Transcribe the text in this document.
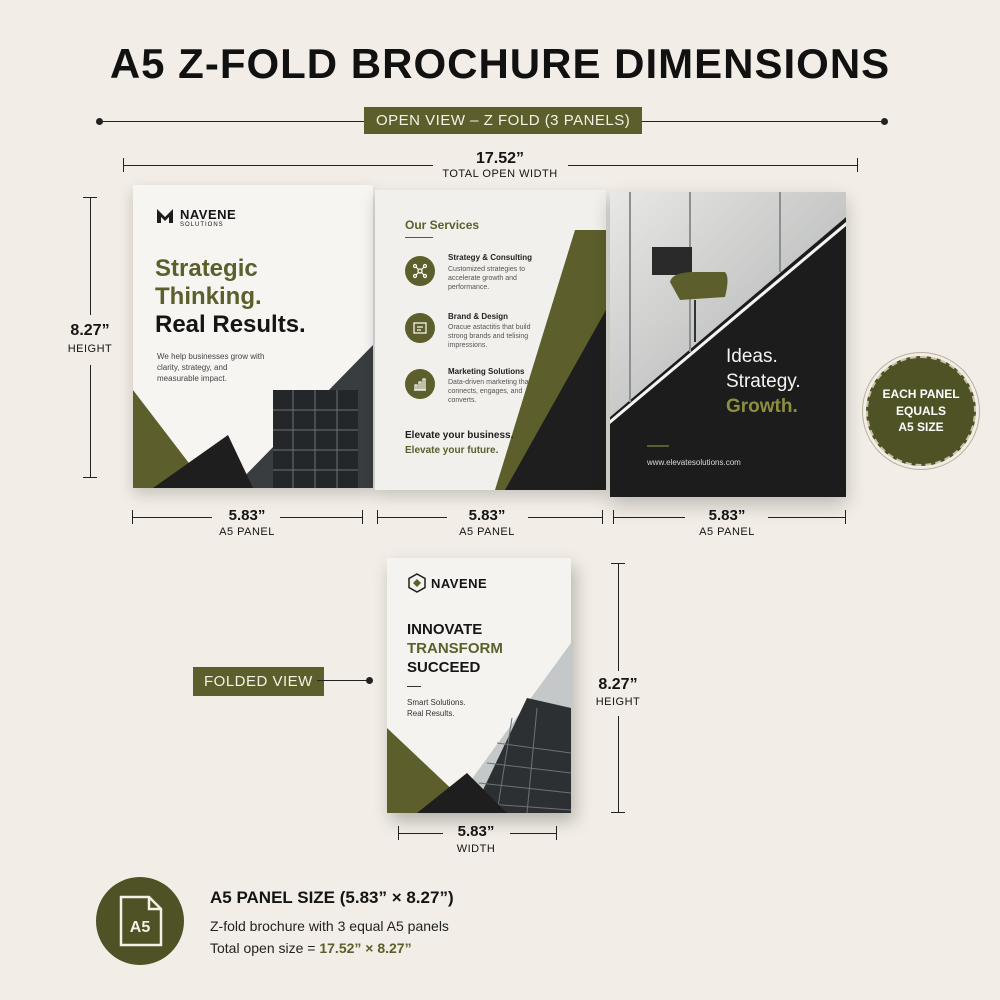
A5 Z-FOLD BROCHURE DIMENSIONS
OPEN VIEW – Z FOLD (3 PANELS)
17.52”
TOTAL OPEN WIDTH
8.27”
HEIGHT
NAVENE
SOLUTIONS
Strategic
Thinking.
Real Results.
We help businesses grow with clarity, strategy, and measurable impact.
Our Services
Strategy & Consulting
Customized strategies to accelerate growth and performance.
Brand & Design
Oracue astactitis that build strong brands and telising impressions.
Marketing Solutions
Data-driven marketing that connects, engages, and converts.
Elevate your business.
Elevate your future.
Ideas.
Strategy.
Growth.
www.elevatesolutions.com
EACH PANEL
EQUALS
A5 SIZE
5.83”
A5 PANEL
5.83”
A5 PANEL
5.83”
A5 PANEL
FOLDED VIEW
NAVENE
INNOVATE
TRANSFORM
SUCCEED
Smart Solutions.
Real Results.
8.27”
HEIGHT
5.83”
WIDTH
A5
A5 PANEL SIZE (5.83” × 8.27”)
Z-fold brochure with 3 equal A5 panels
Total open size = 17.52” × 8.27”
